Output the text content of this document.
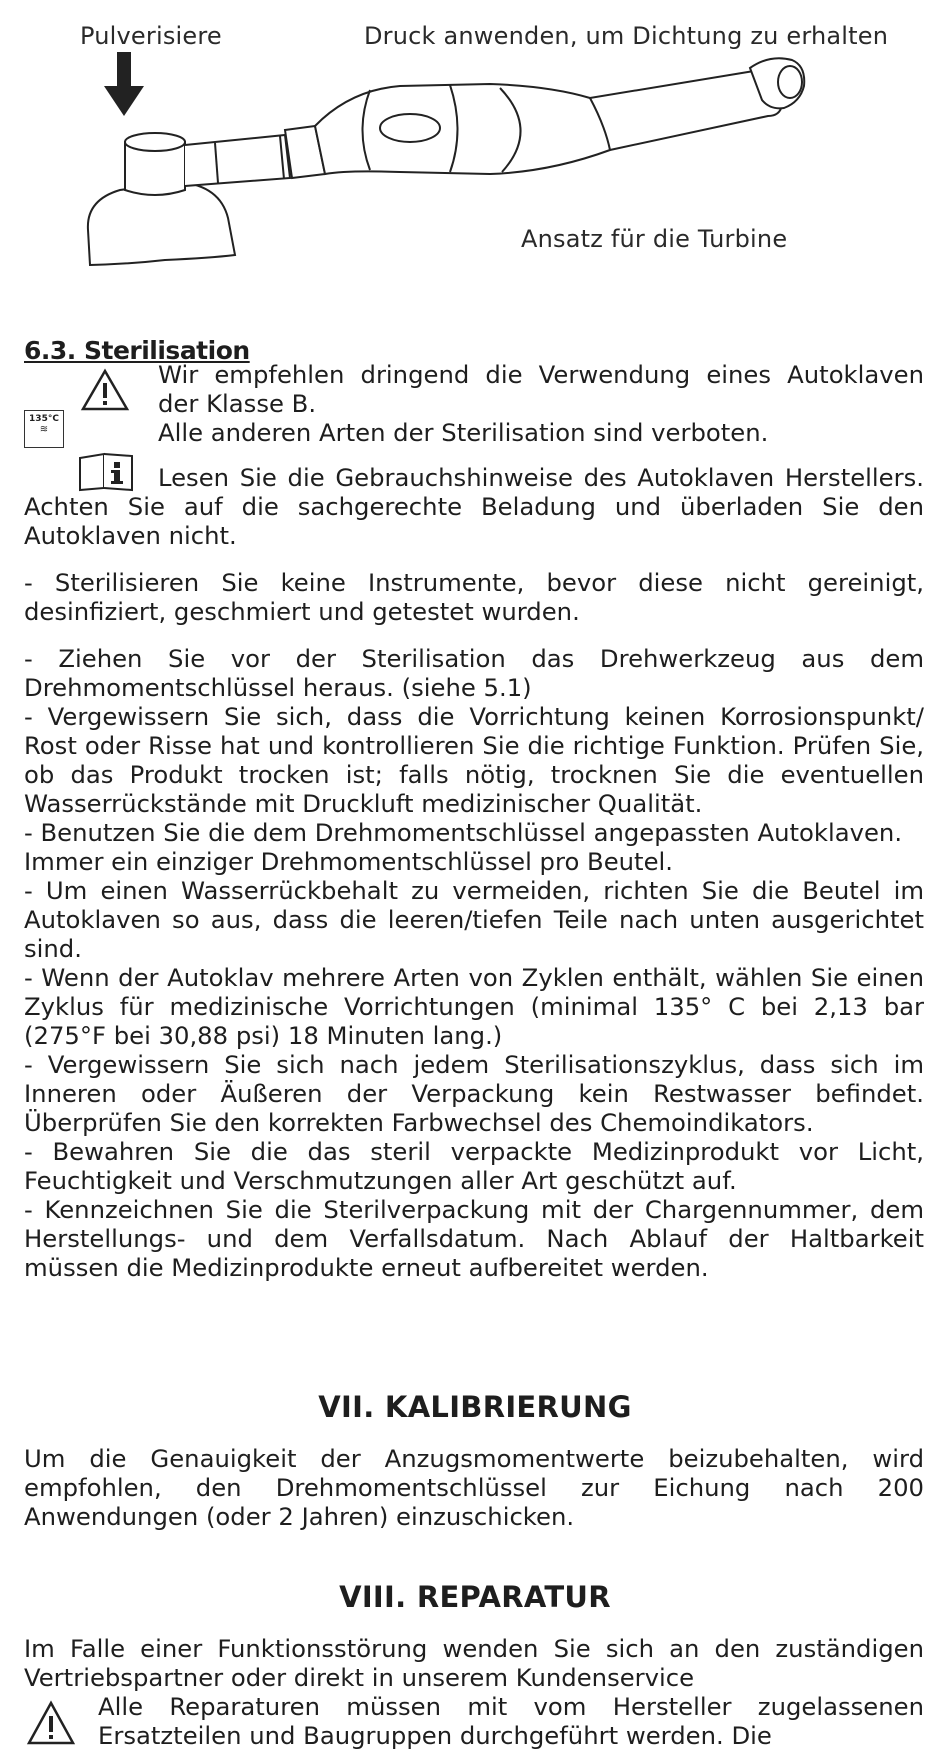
Pulverisiere	Druck anwenden, um Dichtung zu erhalten
Ansatz für die Turbine
6.3. Sterilisation
135°C
≋

Wir empfehlen dringend die Verwendung eines Autoklaven

der Klasse B.

Alle anderen Arten der Sterilisation sind verboten.

Lesen Sie die Gebrauchshinweise des Autoklaven Herstellers. Achten Sie auf die sachgerechte Beladung und überladen Sie den Autoklaven nicht.
- Sterilisieren Sie keine Instrumente, bevor diese nicht gereinigt, desinfiziert, geschmiert und getestet wurden.

- Ziehen Sie vor der Sterilisation das Drehwerkzeug aus dem Drehmomentschlüssel heraus. (siehe 5.1)

- Vergewissern Sie sich, dass die Vorrichtung keinen Korrosionspunkt/ Rost oder Risse hat und kontrollieren Sie die richtige Funktion. Prüfen Sie, ob das Produkt trocken ist; falls nötig, trocknen Sie die eventuellen Wasserrückstände mit Druckluft medizinischer Qualität.

- Benutzen Sie die dem Drehmomentschlüssel angepassten Autoklaven.

Immer ein einziger Drehmomentschlüssel pro Beutel.

- Um einen Wasserrückbehalt zu vermeiden, richten Sie die Beutel im Autoklaven so aus, dass die leeren/tiefen Teile nach unten ausgerichtet sind.

- Wenn der Autoklav mehrere Arten von Zyklen enthält, wählen Sie einen Zyklus für medizinische Vorrichtungen (minimal 135° C bei 2,13 bar (275°F bei 30,88 psi) 18 Minuten lang.)

- Vergewissern Sie sich nach jedem Sterilisationszyklus, dass sich im Inneren oder Äußeren der Verpackung kein Restwasser befindet. Überprüfen Sie den korrekten Farbwechsel des Chemoindikators.

- Bewahren Sie die das steril verpackte Medizinprodukt vor Licht, Feuchtigkeit und Verschmutzungen aller Art geschützt auf.

- Kennzeichnen Sie die Sterilverpackung mit der Chargennummer, dem Herstellungs- und dem Verfallsdatum. Nach Ablauf der Haltbarkeit müssen die Medizinprodukte erneut aufbereitet werden.

VII. KALIBRIERUNG
Um die Genauigkeit der Anzugsmomentwerte beizubehalten, wird empfohlen, den Drehmomentschlüssel zur Eichung nach 200 Anwendungen (oder 2 Jahren) einzuschicken.
VIII. REPARATUR
Im Falle einer Funktionsstörung wenden Sie sich an den zuständigen Vertriebspartner oder direkt in unserem Kundenservice
Alle Reparaturen müssen mit vom Hersteller zugelassenen Ersatzteilen und Baugruppen durchgeführt werden. Die
